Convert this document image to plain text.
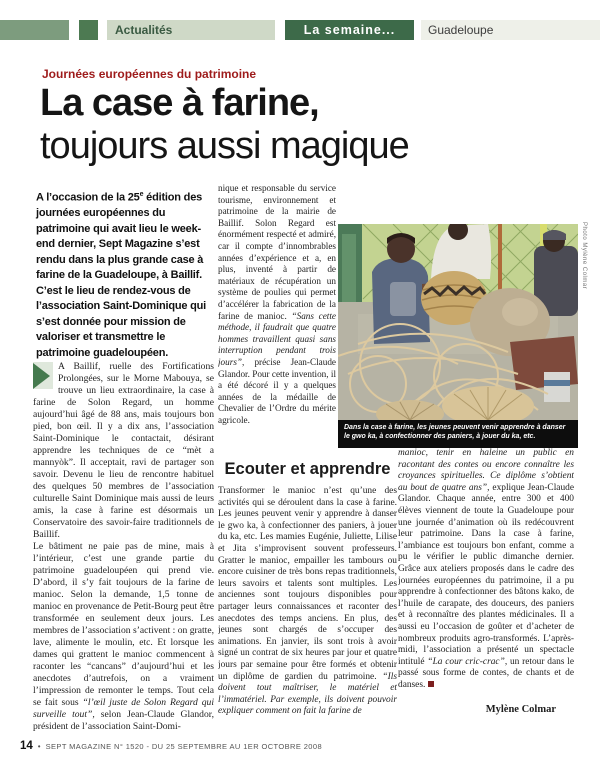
Actualités	La semaine...	Guadeloupe
Journées européennes du patrimoine
La case à farine,
toujours aussi magique

A l’occasion de la 25e édition des journées européennes du patrimoine qui avait lieu le week-end dernier, Sept Magazine s’est rendu dans la plus grande case à farine de la Guadeloupe, à Baillif. C’est le lieu de rendez-vous de l’association Saint-Dominique qui s’est donnée pour mission de valoriser et transmettre le patrimoine guadeloupéen.

A Baillif, ruelle des Fortifications Prolongées, sur le Morne Mabouya, se trouve un lieu extraordinaire, la case à farine de Solon Regard, un homme aujourd’hui âgé de 88 ans, mais toujours bon pied, bon œil. Il y a dix ans, l’association Saint-Dominique le contactait, désirant apprendre les techniques de ce “mèt a mannyòk”. Il acceptait, ravi de partager son savoir. Devenu le lieu de rencontre habituel des quelques 50 membres de l’association culturelle Saint Dominique mais aussi de leurs amis, la case à farine est désormais un Conservatoire des savoir-faire traditionnels de Baillif.

Le bâtiment ne paie pas de mine, mais à l’intérieur, c’est une grande partie du patrimoine guadeloupéen qui prend vie. D’abord, il s’y fait toujours de la farine de manioc. Selon la demande, 1,5 tonne de manioc en provenance de Petit-Bourg peut être transformée en seulement deux jours. Les membres de l’association s’activent : on gratte, lave, alimente le moulin, etc. Et lorsque les dames qui grattent le manioc commencent à raconter les “cancans” d’aujourd’hui et les anecdotes d’autrefois, on a vraiment l’impression de remonter le temps. Tout cela se fait sous “l’œil juste de Solon Regard qui surveille tout”, selon Jean-Claude Glandor, président de l’association Saint-Domi-

nique et responsable du service tourisme, environnement et patrimoine de la mairie de Baillif. Solon Regard est énormément respecté et admiré, car il compte d’innombrables années d’expérience et a, en plus, inventé à partir de matériaux de récupération un système de poulies qui permet d’accélérer la fabrication de la farine de manioc. “Sans cette méthode, il faudrait que quatre hommes travaillent quasi sans interruption pendant trois jours”, précise Jean-Claude Glandor. Pour cette invention, il a été décoré il y a quelques années de la médaille de Chevalier de l’Ordre du mérite agricole.

Dans la case à farine, les jeunes peuvent venir apprendre à danser le gwo ka, à confectionner des paniers, à jouer du ka, etc.
Photo Mylène Colmar
Ecouter et apprendre

Transformer le manioc n’est qu’une des activités qui se déroulent dans la case à farine. Les jeunes peuvent venir y apprendre à danser le gwo ka, à confectionner des paniers, à jouer du ka, etc. Les mamies Eugénie, Juliette, Lilise et Jita s’improvisent souvent professeurs. Gratter le manioc, empailler les tambours ou encore cuisiner de très bons repas traditionnels, leurs savoirs et talents sont multiples. Les anciennes sont toujours disponibles pour partager leurs connaissances et raconter des anecdotes des temps anciens. En plus, des jeunes sont chargés de s’occuper des animations. En janvier, ils sont trois à avoir signé un contrat de six heures par jour et quatre jours par semaine pour être formés et obtenir un diplôme de gardien du patrimoine. “Ils doivent tout maîtriser, le matériel et l’immatériel. Par exemple, ils doivent pouvoir expliquer comment on fait la farine de

manioc, tenir en haleine un public en racontant des contes ou encore connaître les croyances spirituelles. Ce diplôme s’obtient au bout de quatre ans”, explique Jean-Claude Glandor. Chaque année, entre 300 et 400 élèves viennent de toute la Guadeloupe pour une journée d’animation où ils redécouvrent leur patrimoine. Dans la case à farine, l’ambiance est toujours bon enfant, comme a pu le vérifier le public dimanche dernier. Grâce aux ateliers proposés dans le cadre des journées européennes du patrimoine, il a pu apprendre à confectionner des bâtons kako, de l’huile de carapate, des douceurs, des paniers et à reconnaître des plantes médicinales. Il a aussi eu l’occasion de goûter et d’acheter de nombreux produits agro-transformés. L’après-midi, l’association a présenté un spectacle intitulé “La cour cric-crac”, un retour dans le passé sous forme de contes, de chants et de danses.

Mylène Colmar
14 • SEPT MAGAZINE N° 1520 - DU 25 SEPTEMBRE AU 1ER OCTOBRE 2008
